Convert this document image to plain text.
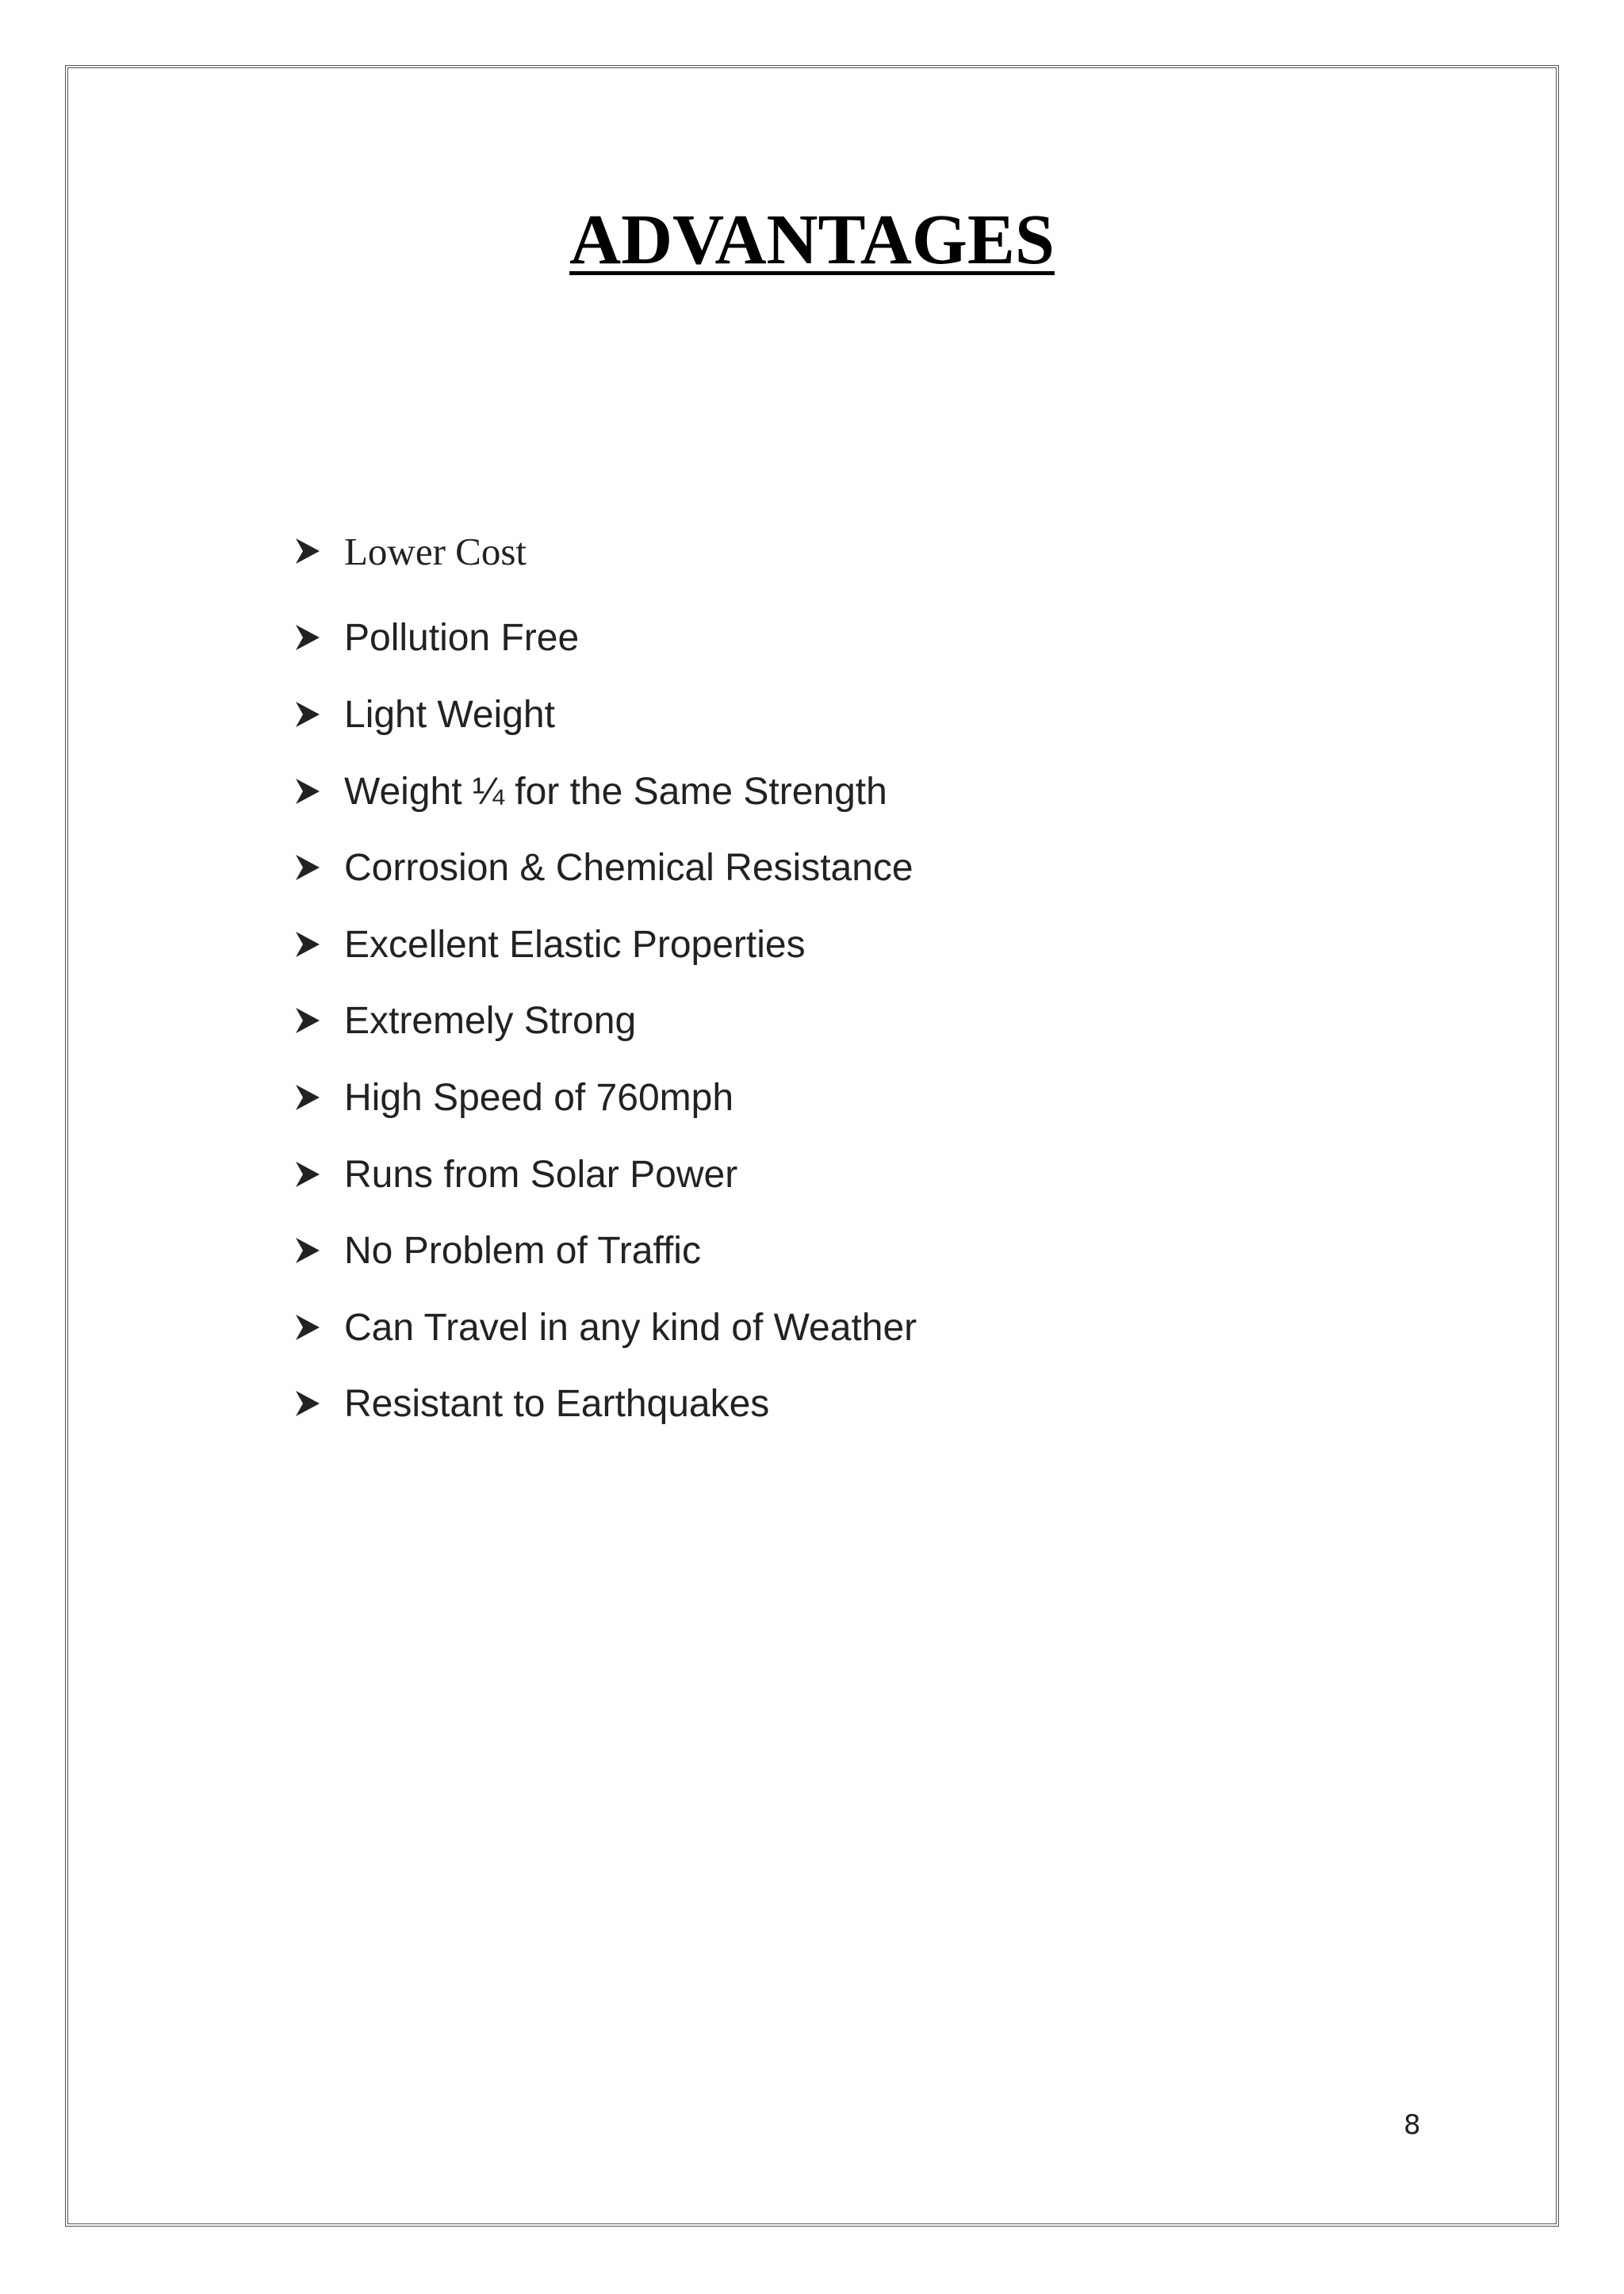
ADVANTAGES
Lower Cost
Pollution Free
Light Weight
Weight ¼ for the Same Strength
Corrosion & Chemical Resistance
Excellent Elastic Properties
Extremely Strong
High Speed of 760mph
Runs from Solar Power
No Problem of Traffic
Can Travel in any kind of Weather
Resistant to Earthquakes
8
